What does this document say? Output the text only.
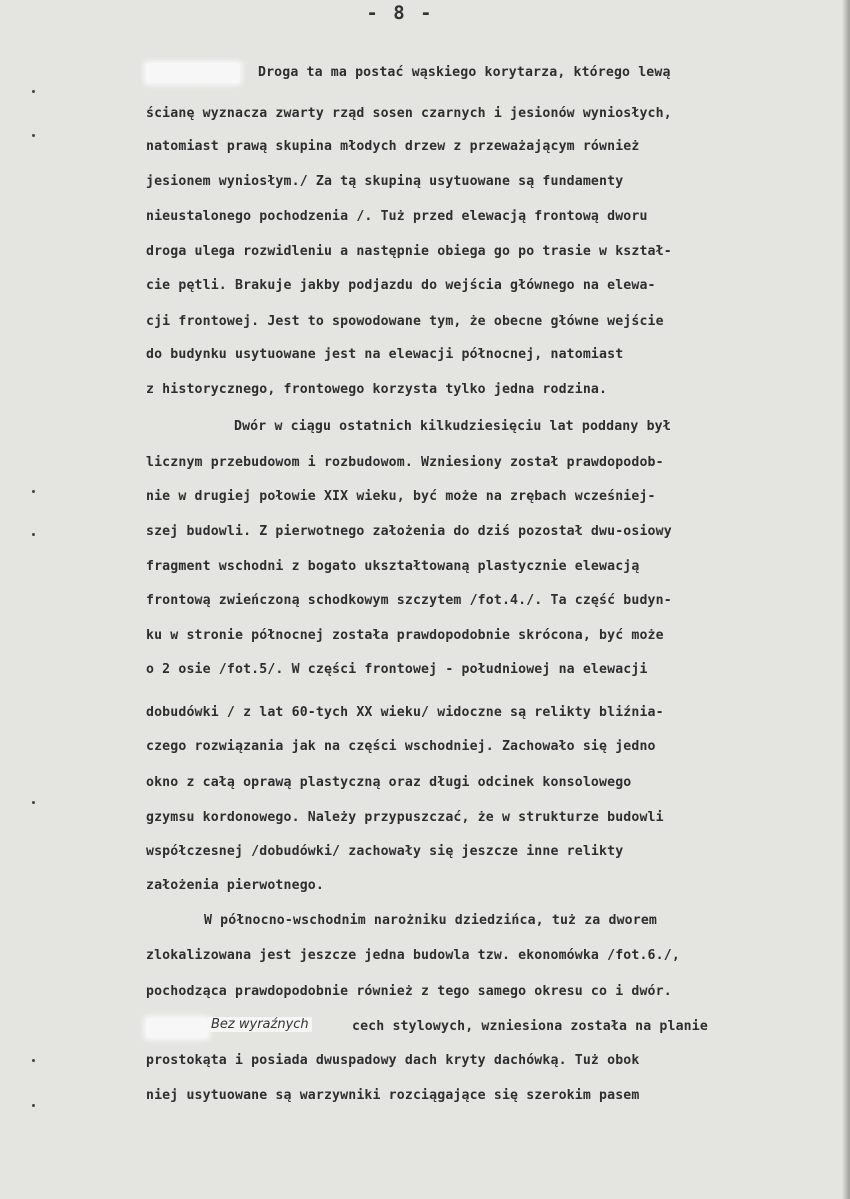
- 8 -
Droga ta ma postać wąskiego korytarza, którego lewą
ścianę wyznacza zwarty rząd sosen czarnych i jesionów wyniosłych,
natomiast prawą skupina młodych drzew z przeważającym również
jesionem wyniosłym./ Za tą skupiną usytuowane są fundamenty
nieustalonego pochodzenia /. Tuż przed elewacją frontową dworu
droga ulega rozwidleniu a następnie obiega go po trasie w kształ-
cie pętli. Brakuje jakby podjazdu do wejścia głównego na elewa-
cji frontowej. Jest to spowodowane tym, że obecne główne wejście
do budynku usytuowane jest na elewacji północnej, natomiast
z historycznego, frontowego korzysta tylko jedna rodzina.
Dwór w ciągu ostatnich kilkudziesięciu lat poddany był
licznym przebudowom i rozbudowom. Wzniesiony został prawdopodob-
nie w drugiej połowie XIX wieku, być może na zrębach wcześniej-
szej budowli. Z pierwotnego założenia do dziś pozostał dwu-osiowy
fragment wschodni z bogato ukształtowaną plastycznie elewacją
frontową zwieńczoną schodkowym szczytem /fot.4./. Ta część budyn-
ku w stronie północnej została prawdopodobnie skrócona, być może
o 2 osie /fot.5/. W części frontowej - południowej na elewacji
dobudówki / z lat 60-tych XX wieku/ widoczne są relikty bliźnia-
czego rozwiązania jak na części wschodniej. Zachowało się jedno
okno z całą oprawą plastyczną oraz długi odcinek konsolowego
gzymsu kordonowego. Należy przypuszczać, że w strukturze budowli
współczesnej /dobudówki/ zachowały się jeszcze inne relikty
założenia pierwotnego.
W północno-wschodnim narożniku dziedzińca, tuż za dworem
zlokalizowana jest jeszcze jedna budowla tzw. ekonomówka /fot.6./,
pochodząca prawdopodobnie również z tego samego okresu co i dwór.
Bez wyraźnych	cech stylowych, wzniesiona została na planie
prostokąta i posiada dwuspadowy dach kryty dachówką. Tuż obok
niej usytuowane są warzywniki rozciągające się szerokim pasem
